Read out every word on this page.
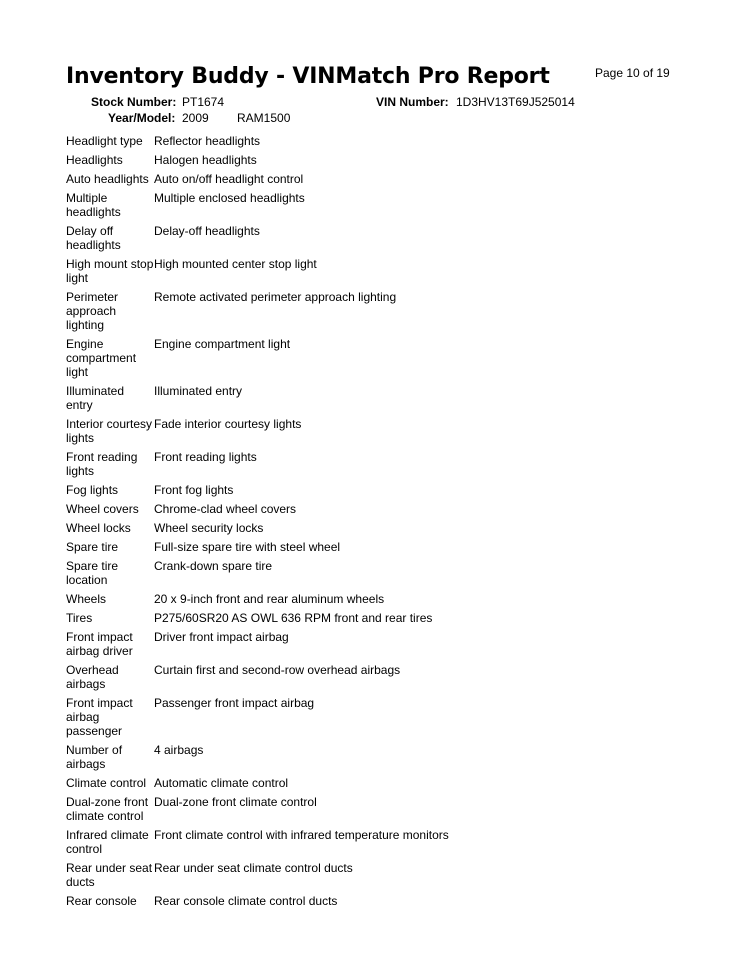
Inventory Buddy - VINMatch Pro Report	Page 10 of 19
Stock Number: PT1674	VIN Number: 1D3HV13T69J525014
Year/Model: 2009 RAM1500
Headlight type	Reflector headlights
Headlights	Halogen headlights
Auto headlights	Auto on/off headlight control
Multiple headlights	Multiple enclosed headlights
Delay off headlights	Delay-off headlights
High mount stop light	High mounted center stop light
Perimeter approach lighting	Remote activated perimeter approach lighting
Engine compartment light	Engine compartment light
Illuminated entry	Illuminated entry
Interior courtesy lights	Fade interior courtesy lights
Front reading lights	Front reading lights
Fog lights	Front fog lights
Wheel covers	Chrome-clad wheel covers
Wheel locks	Wheel security locks
Spare tire	Full-size spare tire with steel wheel
Spare tire location	Crank-down spare tire
Wheels	20 x 9-inch front and rear aluminum wheels
Tires	P275/60SR20 AS OWL 636 RPM front and rear tires
Front impact airbag driver	Driver front impact airbag
Overhead airbags	Curtain first and second-row overhead airbags
Front impact airbag passenger	Passenger front impact airbag
Number of airbags	4 airbags
Climate control	Automatic climate control
Dual-zone front climate control	Dual-zone front climate control
Infrared climate control	Front climate control with infrared temperature monitors
Rear under seat ducts	Rear under seat climate control ducts
Rear console	Rear console climate control ducts
